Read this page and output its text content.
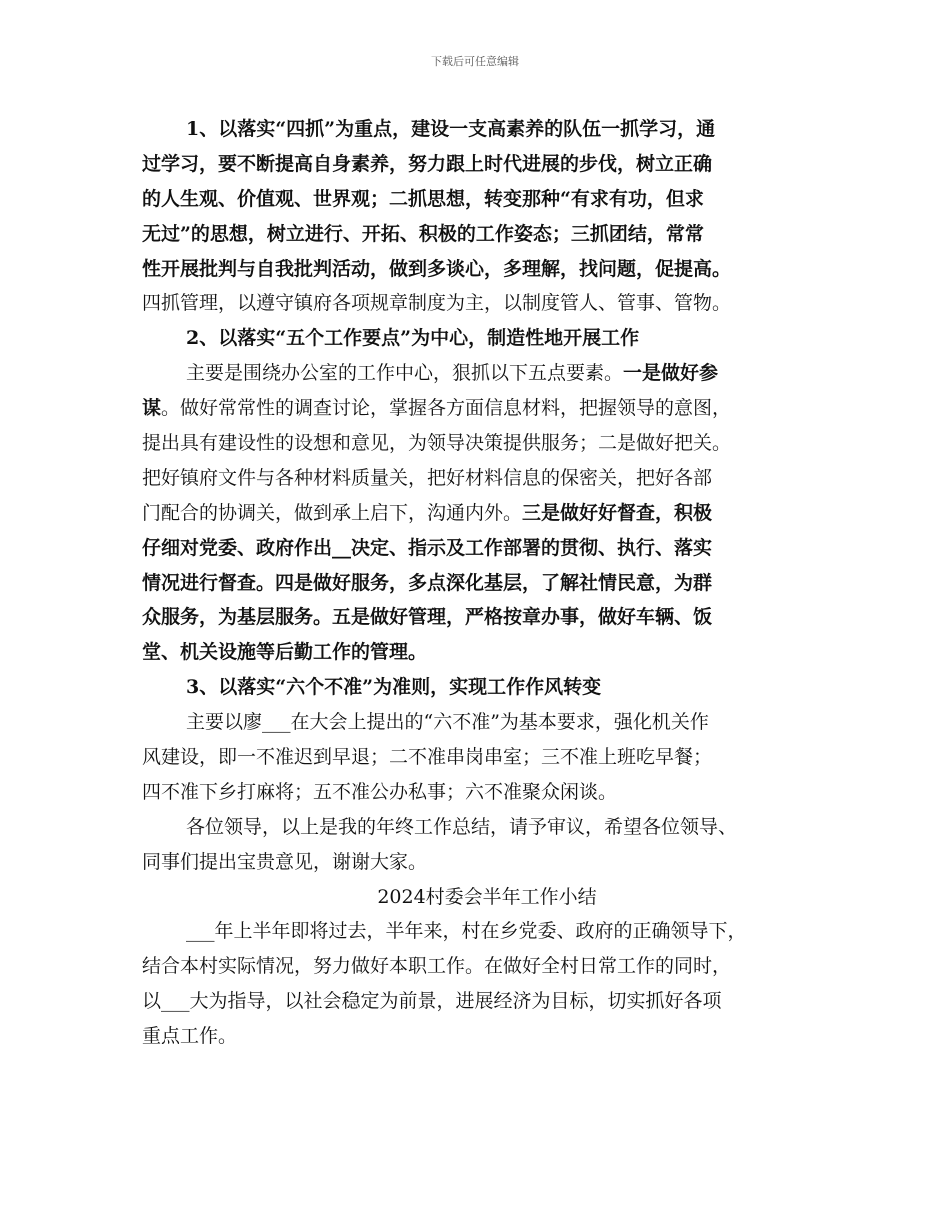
下载后可任意编辑
1、以落实“四抓”为重点，建设一支高素养的队伍一抓学习，通
过学习，要不断提高自身素养，努力跟上时代进展的步伐，树立正确
的人生观、价值观、世界观；二抓思想，转变那种“有求有功，但求
无过”的思想，树立进行、开拓、积极的工作姿态；三抓团结，常常
性开展批判与自我批判活动，做到多谈心，多理解，找问题，促提高。
四抓管理，以遵守镇府各项规章制度为主，以制度管人、管事、管物。
2、以落实“五个工作要点”为中心，制造性地开展工作
主要是围绕办公室的工作中心，狠抓以下五点要素。一是做好参
谋。做好常常性的调查讨论，掌握各方面信息材料，把握领导的意图，
提出具有建设性的设想和意见，为领导决策提供服务；二是做好把关。
把好镇府文件与各种材料质量关，把好材料信息的保密关，把好各部
门配合的协调关，做到承上启下，沟通内外。三是做好好督查，积极
仔细对党委、政府作出__决定、指示及工作部署的贯彻、执行、落实
情况进行督查。四是做好服务，多点深化基层，了解社情民意，为群
众服务，为基层服务。五是做好管理，严格按章办事，做好车辆、饭
堂、机关设施等后勤工作的管理。
3、以落实“六个不准”为准则，实现工作作风转变
主要以廖___在大会上提出的“六不准”为基本要求，强化机关作
风建设，即一不准迟到早退；二不准串岗串室；三不准上班吃早餐；
四不准下乡打麻将；五不准公办私事；六不准聚众闲谈。
各位领导，以上是我的年终工作总结，请予审议，希望各位领导、
同事们提出宝贵意见，谢谢大家。
2024村委会半年工作小结
___年上半年即将过去，半年来，村在乡党委、政府的正确领导下，
结合本村实际情况，努力做好本职工作。在做好全村日常工作的同时，
以___大为指导，以社会稳定为前景，进展经济为目标，切实抓好各项
重点工作。
